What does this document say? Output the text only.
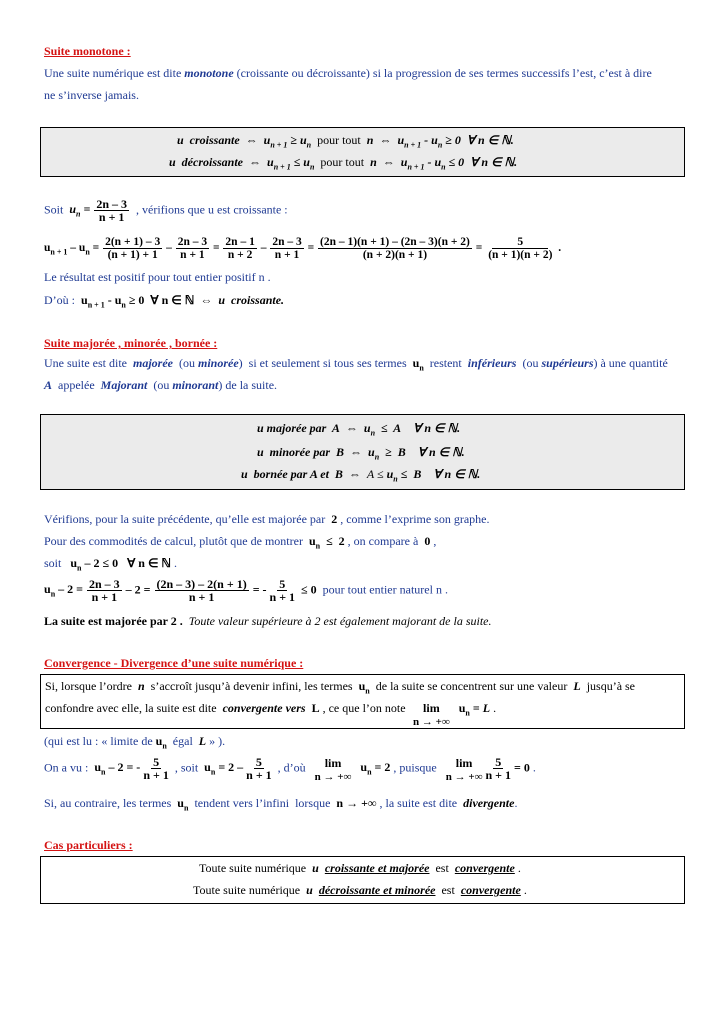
Suite monotone :
Une suite numérique est dite monotone (croissante ou décroissante) si la progression de ses termes successifs l’est, c’est à dire
ne s’inverse jamais.
u  croissante  ⇔  $u_{n + 1} \ge u_n$ pour tout  n  ⇔  $u_{n + 1} - u_n \ge 0$  ∀ n ∈ ℕ.
u  décroissante  ⇔  $u_{n + 1} \le u_n$ pour tout  n  ⇔  $u_{n + 1} - u_n \le 0$  ∀ n ∈ ℕ.
Soit $u_n = \frac{2n - 3}{n + 1}$ , vérifions que u est croissante :
$u_{n + 1} - u_n = \frac{2(n + 1) - 3}{(n + 1) + 1} - \frac{2n - 3}{n + 1} = \frac{2n - 1}{n + 2} - \frac{2n - 3}{n + 1} = \frac{(2n - 1)(n + 1) - (2n - 3)(n + 2)}{(n + 2)(n + 1)} = \frac{5}{(n + 1)(n + 2)}$ .
Le résultat est positif pour tout entier positif n .
D’où :  $u_{n + 1} - u_n \ge 0$  ∀ n ∈ ℕ  ⇔  u  croissante.
Suite majorée , minorée , bornée :
Une suite est dite  majorée  (ou minorée)  si et seulement si tous ses termes  $u_n$  restent  inférieurs  (ou supérieurs) à une quantité
A  appelée  Majorant  (ou minorant) de la suite.
u majorée par  A  ⇔  $u_n \le A$    ∀ n ∈ ℕ.
u  minorée par  B  ⇔  $u_n \ge B$    ∀ n ∈ ℕ.
u  bornée par A et  B  ⇔  $A \le u_n \le B$    ∀ n ∈ ℕ.
Vérifions, pour la suite précédente, qu’elle est majorée par  2 , comme l’exprime son graphe.
Pour des commodités de calcul, plutôt que de montrer  $u_n \le 2$ , on compare à  0 ,
soit   $u_n - 2 \le 0$   ∀ n ∈ ℕ .
$u_n - 2 = \frac{2n - 3}{n + 1} - 2 = \frac{(2n - 3) - 2(n + 1)}{n + 1}$ = - $\frac{5}{n + 1} \le 0$ pour tout entier naturel n .
La suite est majorée par 2 . Toute valeur supérieure à 2 est également majorant de la suite.
Convergence - Divergence d’une suite numérique :
Si, lorsque l’ordre  n  s’accroît jusqu’à devenir infini, les termes  $u_n$  de la suite se concentrent sur une valeur  L  jusqu’à se
confondre avec elle, la suite est dite  convergente vers  L , ce que l’on note lim
n → +∞
$u_n = L$ .
(qui est lu : « limite de $u_n$  égal  L » ).
On a vu :  $u_n - 2$ = - $\frac{5}{n + 1}$ , soit  $u_n = 2 - \frac{5}{n + 1}$ , d’où lim
n → +∞
$u_n = 2$ , puisque lim
n → +∞ $\frac{5}{n + 1} = 0$ .
Si, au contraire, les termes  $u_n$  tendent vers l’infini  lorsque  n → +∞ , la suite est dite  divergente.
Cas particuliers :
Toute suite numérique u croissante et majorée est convergente .
Toute suite numérique u décroissante et minorée est convergente .
